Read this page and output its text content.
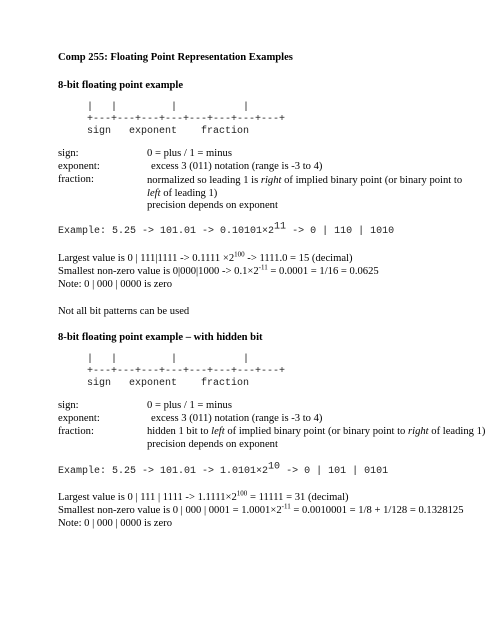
Comp 255: Floating Point Representation Examples
8-bit floating point example
|   |         |           |
+---+---+---+---+---+---+---+---+
sign   exponent    fraction
sign:	0 = plus / 1 = minus
exponent:	excess 3 (011) notation (range is -3 to 4)
fraction:	normalized so leading 1 is right of implied binary point (or binary point to left of leading 1)
precision depends on exponent
Example: $5.25 -> 101.01 -> 0.10101\times 2^{11} -> 0$ | 110 | 1010
Largest value is 0 | $111|1111 -> 0.1111 \times 2^{100} -> 1111.0 = 15$ (decimal)
Smallest non-zero value is $0|000|1000 -> 0.1\times 2^{-11} = 0.0001 = 1/16 = 0.0625$
Note: 0 | 000 | 0000 is zero
Not all bit patterns can be used
8-bit floating point example – with hidden bit
|   |         |           |
+---+---+---+---+---+---+---+---+
sign   exponent    fraction
sign:	0 = plus / 1 = minus
exponent:	excess 3 (011) notation (range is -3 to 4)
fraction:	hidden 1 bit to left of implied binary point (or binary point to right of leading 1)
precision depends on exponent
Example: $5.25 -> 101.01 -> 1.0101\times 2^{10} -> 0$ | 101 | 0101
Largest value is 0 | 111 | $1111 -> 1.1111\times 2^{100} = 11111 = 31$ (decimal)
Smallest non-zero value is 0 | 000 | $0001 = 1.0001\times 2^{-11} = 0.0010001 = 1/8 + 1/128 = 0.1328125$
Note: 0 | 000 | 0000 is zero
